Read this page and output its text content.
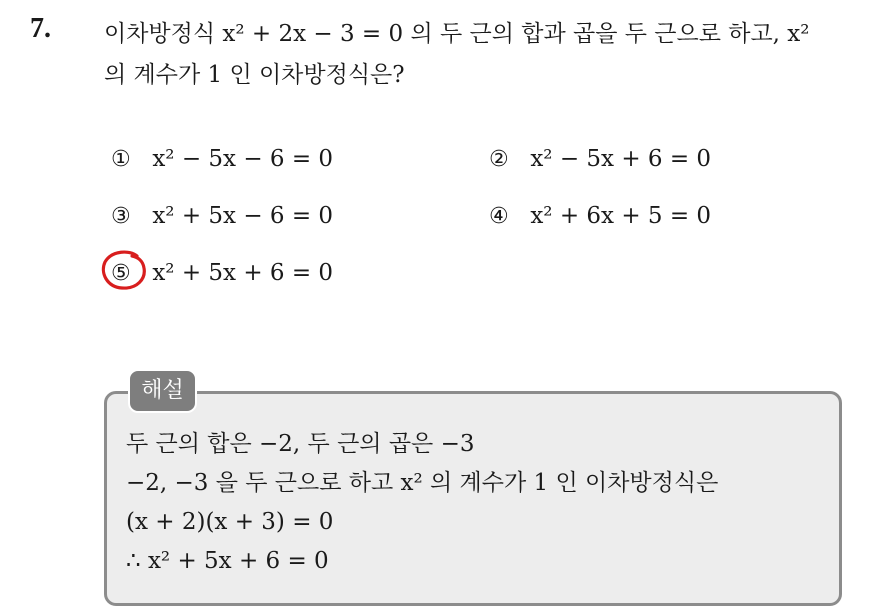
7. 이차방정식 x² + 2x − 3 = 0 의 두 근의 합과 곱을 두 근으로 하고, x²
의 계수가 1 인 이차방정식은?
① x² − 5x − 6 = 0	② x² − 5x + 6 = 0
③ x² + 5x − 6 = 0	④ x² + 6x + 5 = 0
⑤ x² + 5x + 6 = 0
해설
두 근의 합은 −2, 두 근의 곱은 −3
−2, −3 을 두 근으로 하고 x² 의 계수가 1 인 이차방정식은
(x + 2)(x + 3) = 0
∴ x² + 5x + 6 = 0
